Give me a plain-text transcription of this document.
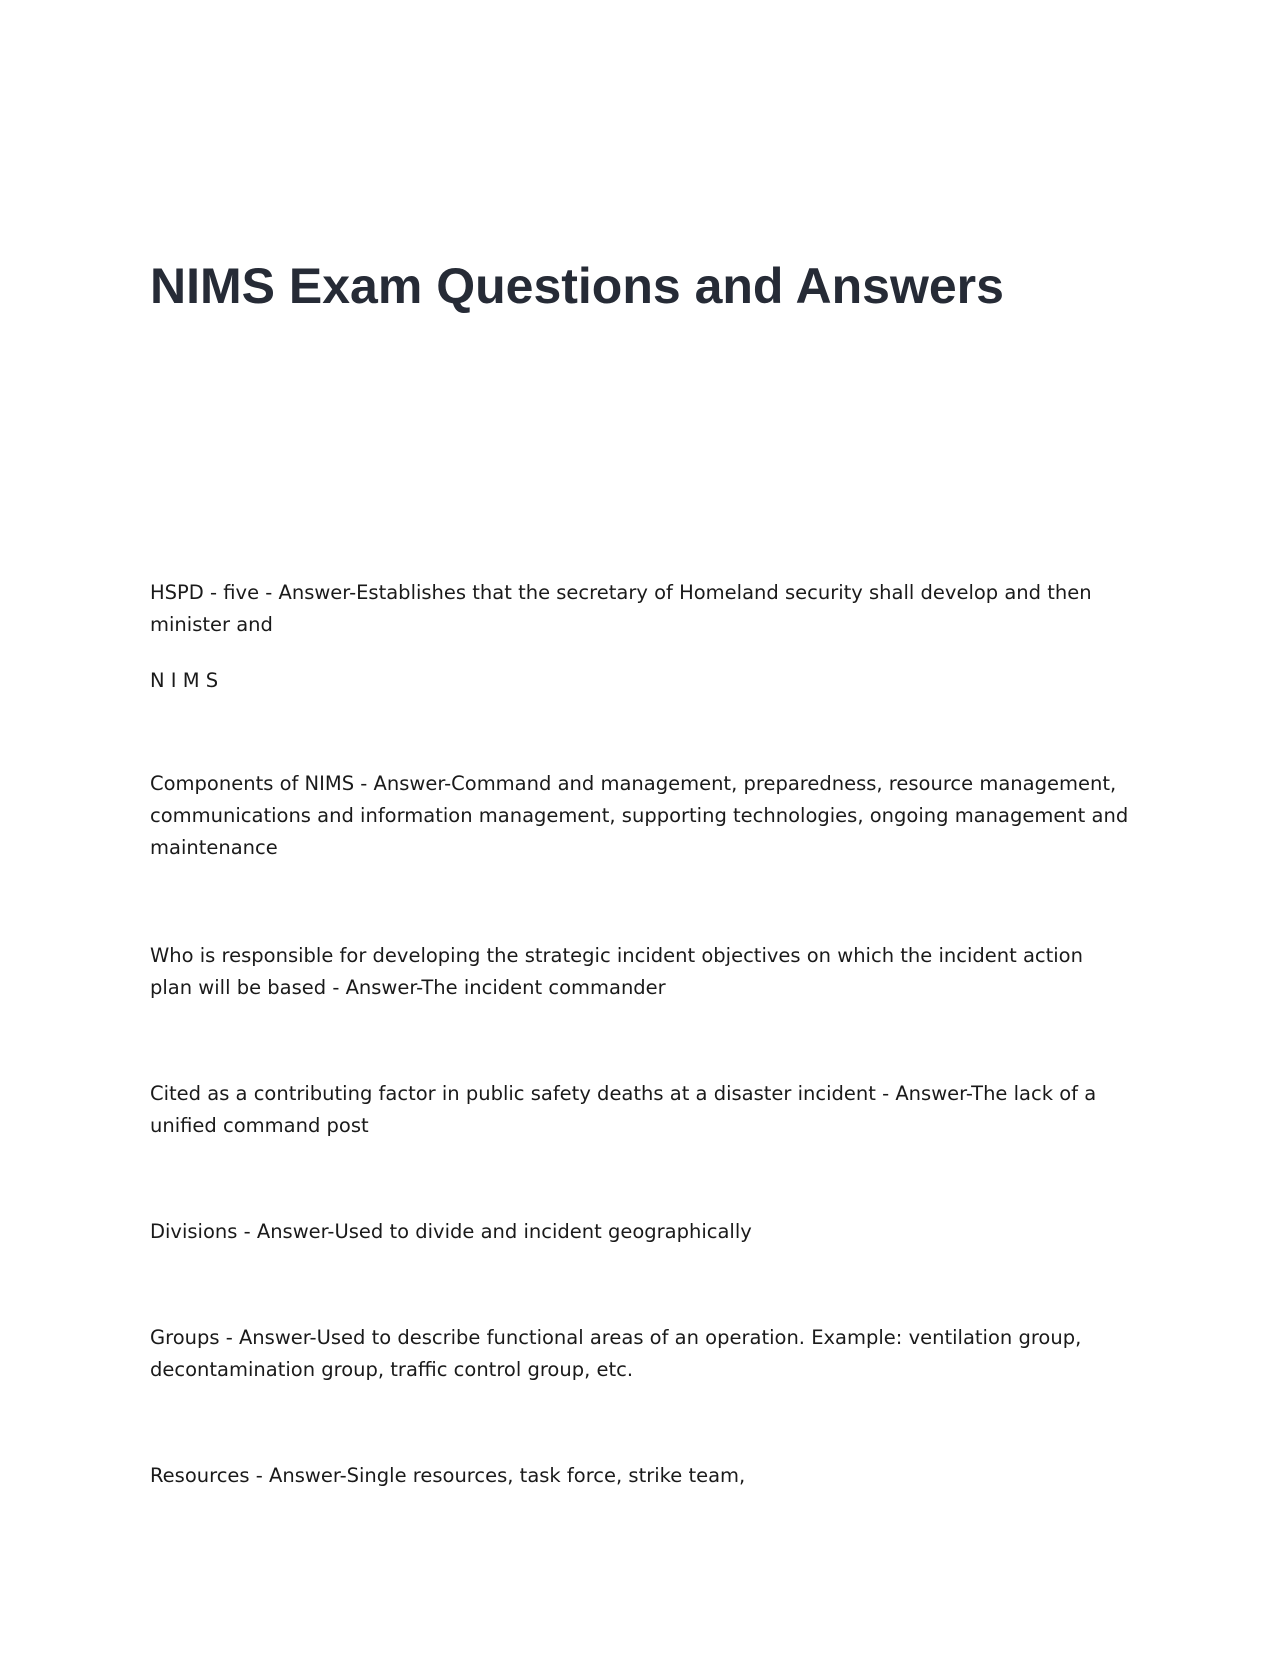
NIMS Exam Questions and Answers

HSPD - five - Answer-Establishes that the secretary of Homeland security shall develop and then minister and

N I M S

Components of NIMS - Answer-Command and management, preparedness, resource management, communications and information management, supporting technologies, ongoing management and maintenance

Who is responsible for developing the strategic incident objectives on which the incident action plan will be based - Answer-The incident commander

Cited as a contributing factor in public safety deaths at a disaster incident - Answer-The lack of a unified command post

Divisions - Answer-Used to divide and incident geographically

Groups - Answer-Used to describe functional areas of an operation. Example: ventilation group, decontamination group, traffic control group, etc.

Resources - Answer-Single resources, task force, strike team,
